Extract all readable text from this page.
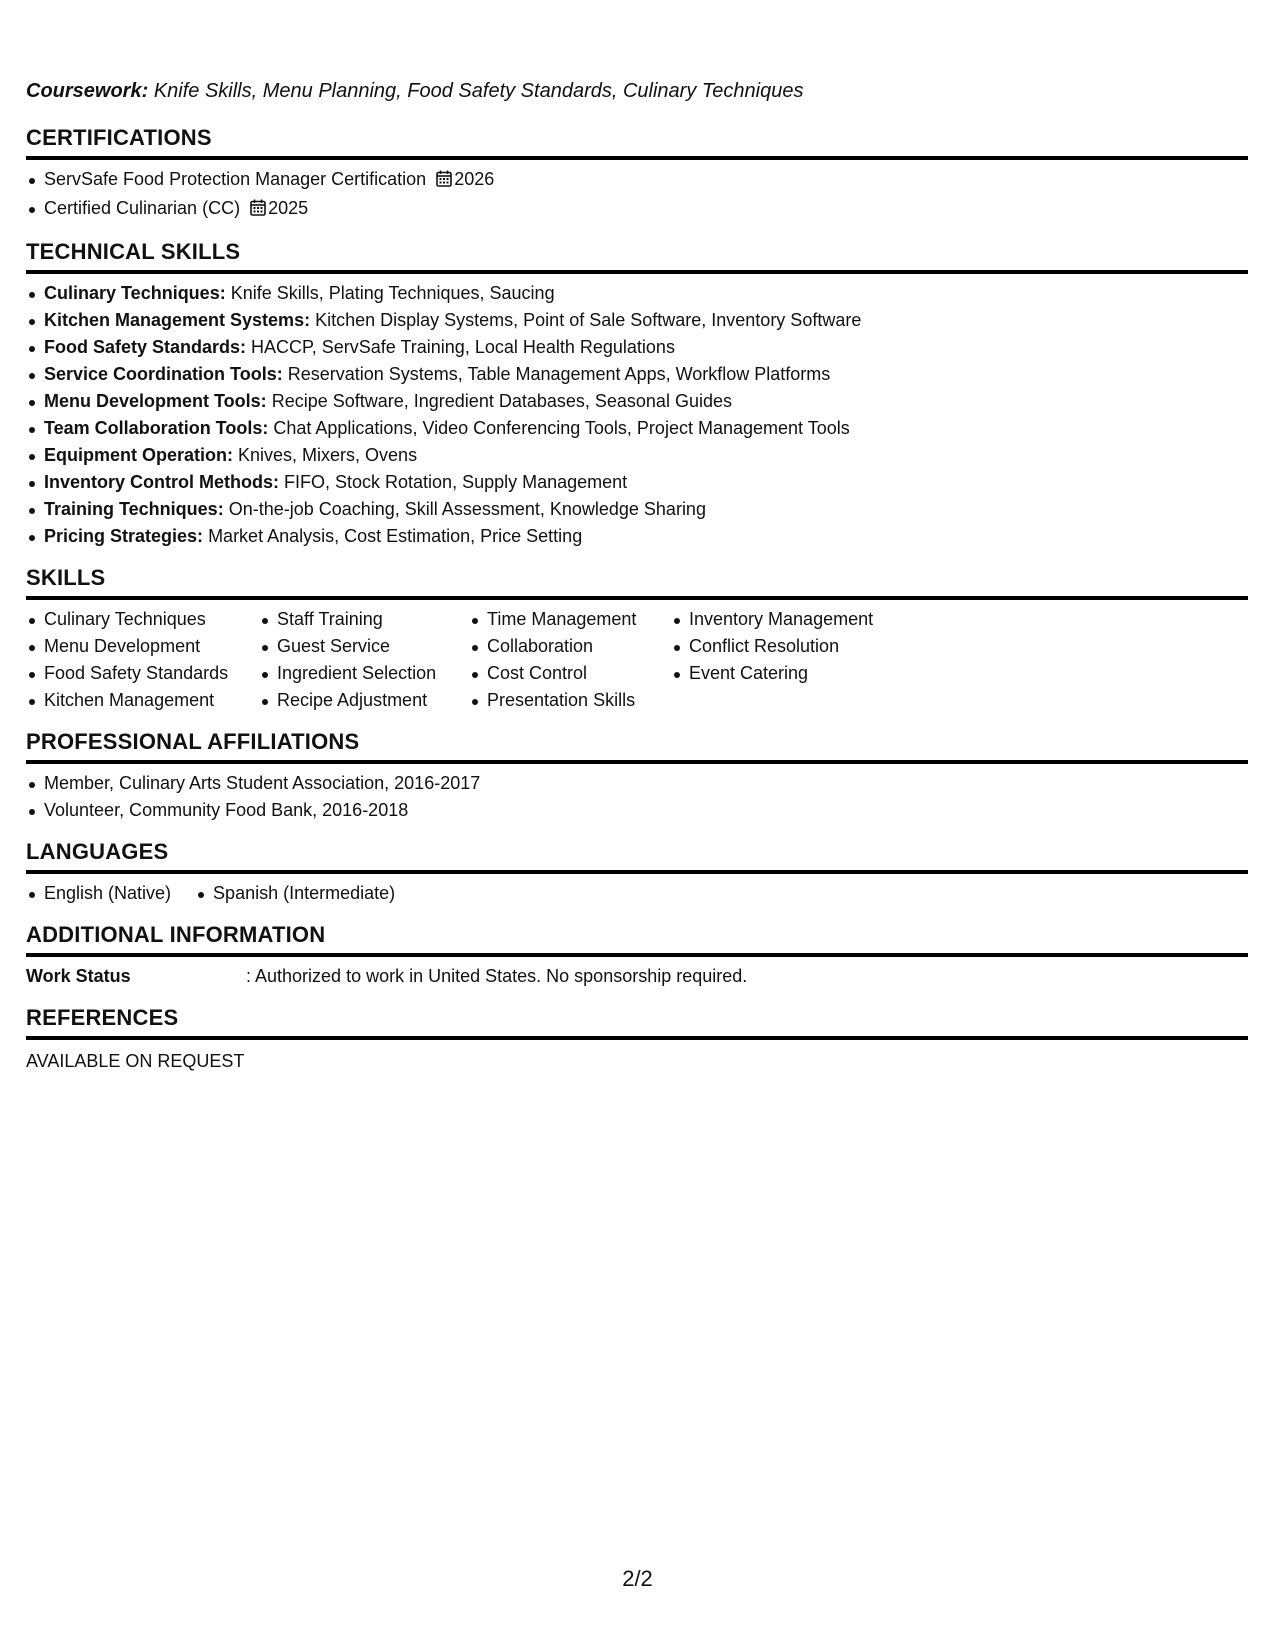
Coursework: Knife Skills, Menu Planning, Food Safety Standards, Culinary Techniques
CERTIFICATIONS
ServSafe Food Protection Manager Certification 2026
Certified Culinarian (CC) 2025
TECHNICAL SKILLS
Culinary Techniques: Knife Skills, Plating Techniques, Saucing
Kitchen Management Systems: Kitchen Display Systems, Point of Sale Software, Inventory Software
Food Safety Standards: HACCP, ServSafe Training, Local Health Regulations
Service Coordination Tools: Reservation Systems, Table Management Apps, Workflow Platforms
Menu Development Tools: Recipe Software, Ingredient Databases, Seasonal Guides
Team Collaboration Tools: Chat Applications, Video Conferencing Tools, Project Management Tools
Equipment Operation: Knives, Mixers, Ovens
Inventory Control Methods: FIFO, Stock Rotation, Supply Management
Training Techniques: On-the-job Coaching, Skill Assessment, Knowledge Sharing
Pricing Strategies: Market Analysis, Cost Estimation, Price Setting
SKILLS
Culinary Techniques
Menu Development
Food Safety Standards
Kitchen Management
Staff Training
Guest Service
Ingredient Selection
Recipe Adjustment
Time Management
Collaboration
Cost Control
Presentation Skills
Inventory Management
Conflict Resolution
Event Catering
PROFESSIONAL AFFILIATIONS
Member, Culinary Arts Student Association, 2016-2017
Volunteer, Community Food Bank, 2016-2018
LANGUAGES
English (Native)	Spanish (Intermediate)
ADDITIONAL INFORMATION
Work Status	: Authorized to work in United States. No sponsorship required.
REFERENCES
AVAILABLE ON REQUEST
2/2
